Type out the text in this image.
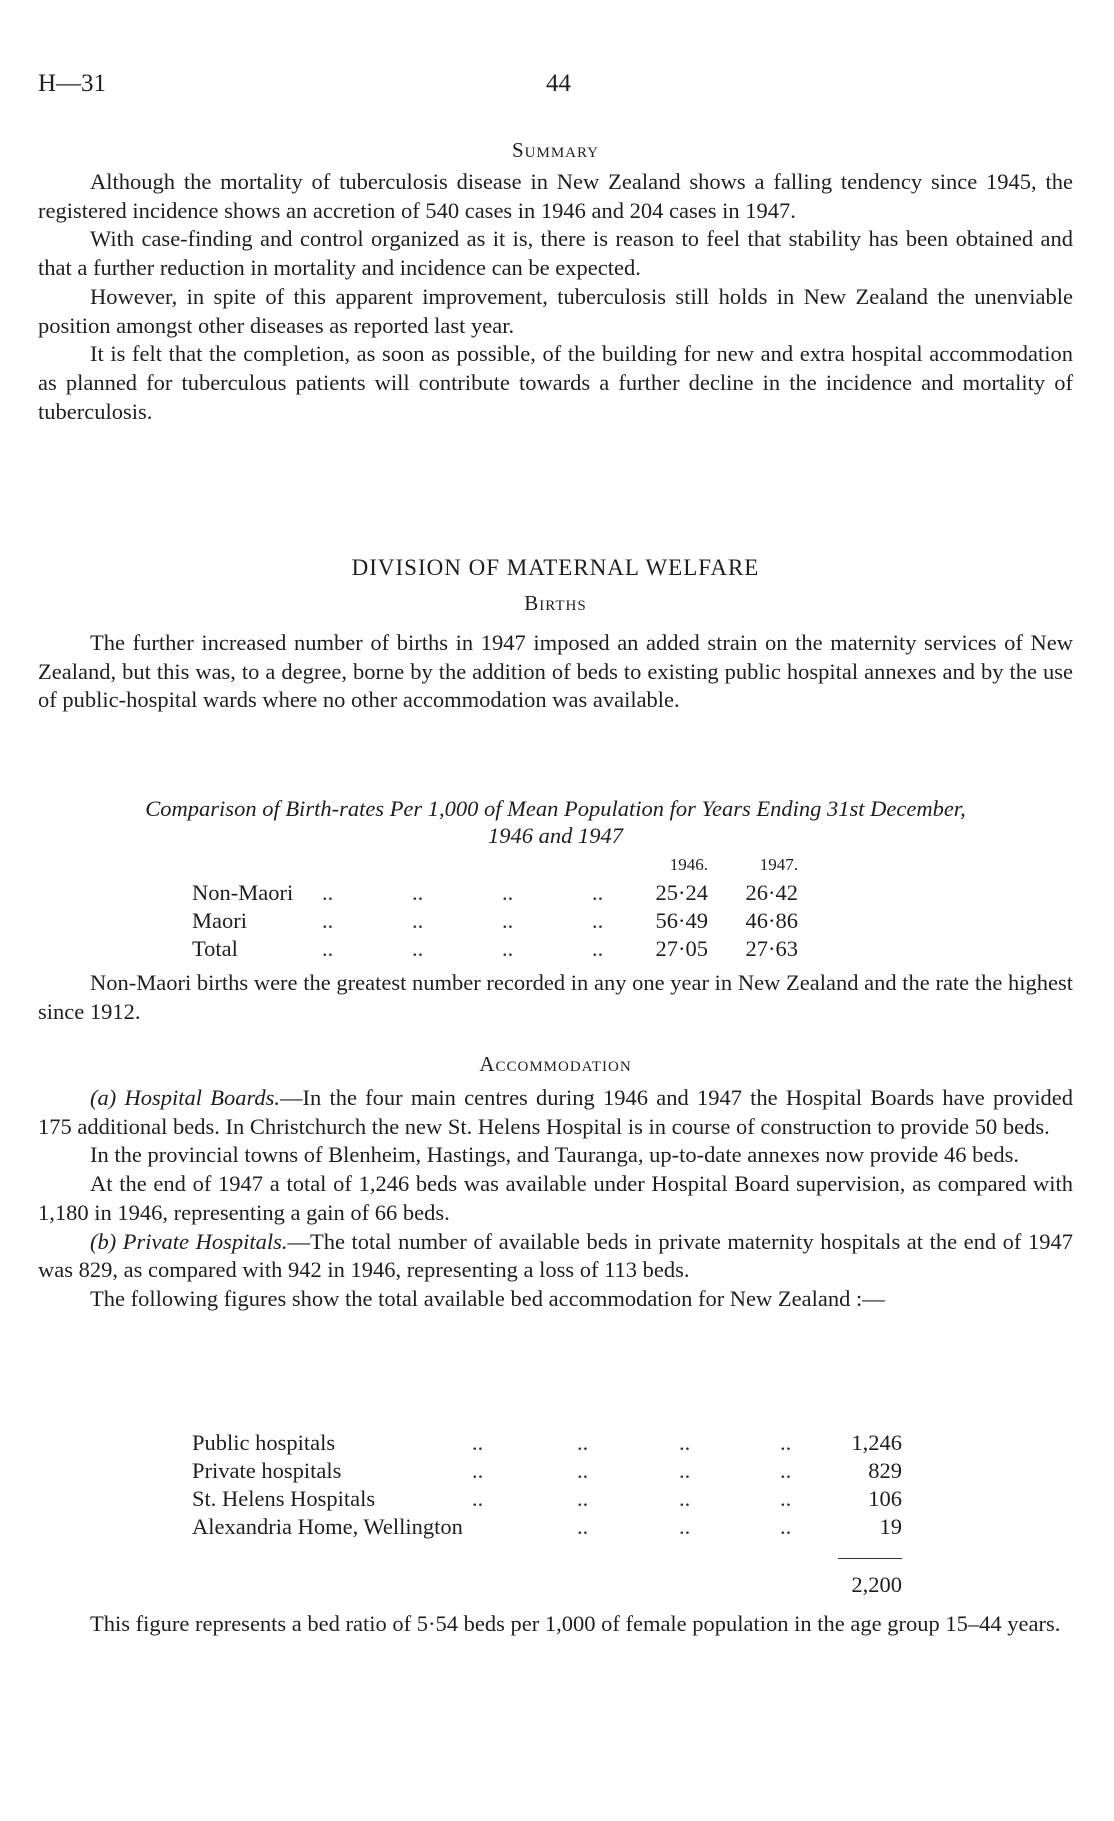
H—31	44
Summary

Although the mortality of tuberculosis disease in New Zealand shows a falling tendency since 1945, the registered incidence shows an accretion of 540 cases in 1946 and 204 cases in 1947.

With case-finding and control organized as it is, there is reason to feel that stability has been obtained and that a further reduction in mortality and incidence can be expected.

However, in spite of this apparent improvement, tuberculosis still holds in New Zealand the unenviable position amongst other diseases as reported last year.

It is felt that the completion, as soon as possible, of the building for new and extra hospital accommodation as planned for tuberculous patients will contribute towards a further decline in the incidence and mortality of tuberculosis.

DIVISION OF MATERNAL WELFARE
Births

The further increased number of births in 1947 imposed an added strain on the maternity services of New Zealand, but this was, to a degree, borne by the addition of beds to existing public hospital annexes and by the use of public-hospital wards where no other accommodation was available.

Comparison of Birth-rates Per 1,000 of Mean Population for Years Ending 31st December,
1946 and 1947
					1946.	1947.
Non-Maori	..	..	..	..	25·24	26·42
Maori	..	..	..	..	56·49	46·86
Total	..	..	..	..	27·05	27·63

Non-Maori births were the greatest number recorded in any one year in New Zealand and the rate the highest since 1912.

Accommodation

(a) Hospital Boards.—In the four main centres during 1946 and 1947 the Hospital Boards have provided 175 additional beds. In Christchurch the new St. Helens Hospital is in course of construction to provide 50 beds.

In the provincial towns of Blenheim, Hastings, and Tauranga, up-to-date annexes now provide 46 beds.

At the end of 1947 a total of 1,246 beds was available under Hospital Board supervision, as compared with 1,180 in 1946, representing a gain of 66 beds.

(b) Private Hospitals.—The total number of available beds in private maternity hospitals at the end of 1947 was 829, as compared with 942 in 1946, representing a loss of 113 beds.

The following figures show the total available bed accommodation for New Zealand :—

Public hospitals	..	..	..	..	1,246
Private hospitals	..	..	..	..	829
St. Helens Hospitals	..	..	..	..	106
Alexandria Home, Wellington	..	..	..	19
2,200

This figure represents a bed ratio of 5·54 beds per 1,000 of female population in the age group 15–44 years.
